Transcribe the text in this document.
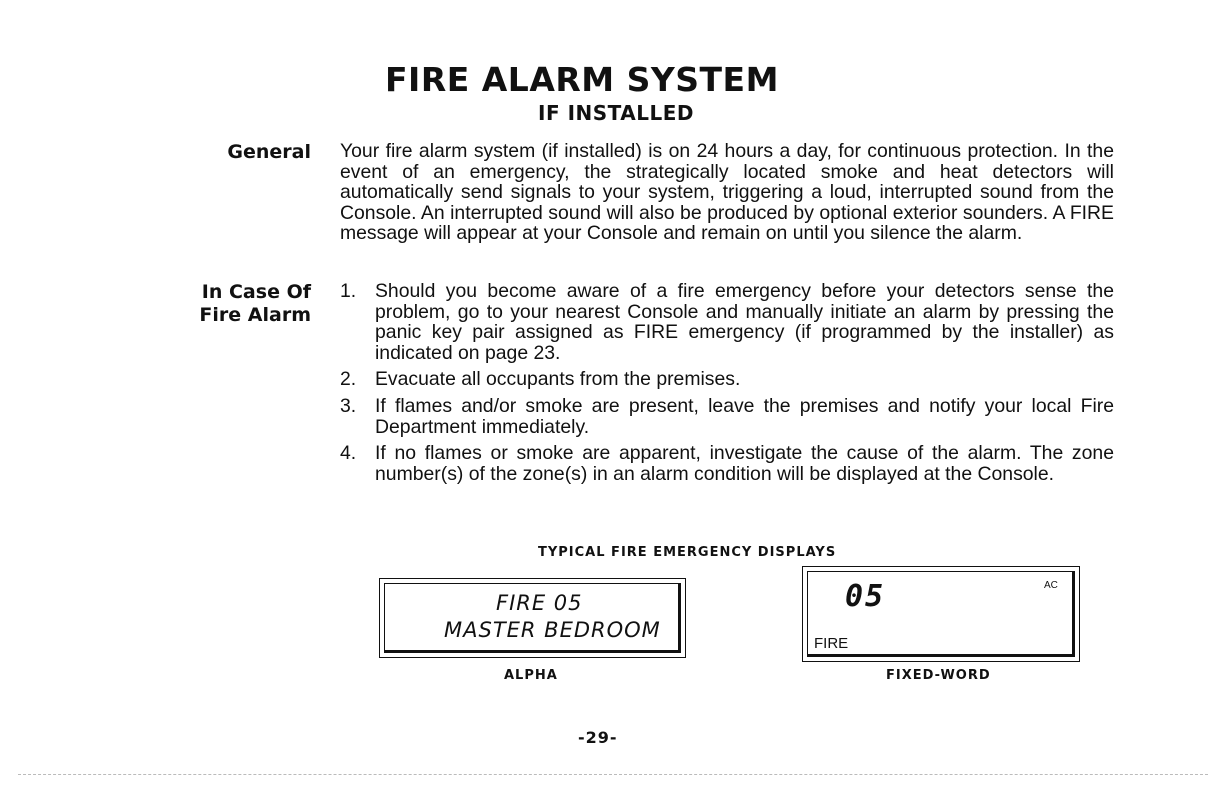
FIRE ALARM SYSTEM
IF INSTALLED
General Your fire alarm system (if installed) is on 24 hours a day, for continuous protection. In the event of an emergency, the strategically located smoke and heat detectors will automatically send signals to your system, triggering a loud, interrupted sound from the Console. An interrupted sound will also be produced by optional exterior sounders. A FIRE message will appear at your Console and remain on until you silence the alarm.
In Case Of
Fire Alarm
1. Should you become aware of a fire emergency before your detectors sense the problem, go to your nearest Console and manually initiate an alarm by pressing the panic key pair assigned as FIRE emergency (if programmed by the installer) as indicated on page 23.
2. Evacuate all occupants from the premises.
3. If flames and/or smoke are present, leave the premises and notify your local Fire Department immediately.
4. If no flames or smoke are apparent, investigate the cause of the alarm. The zone number(s) of the zone(s) in an alarm condition will be displayed at the Console.
TYPICAL FIRE EMERGENCY DISPLAYS
FIRE 05
MASTER BEDROOM
ALPHA
05	AC
FIRE
FIXED-WORD
-29-
